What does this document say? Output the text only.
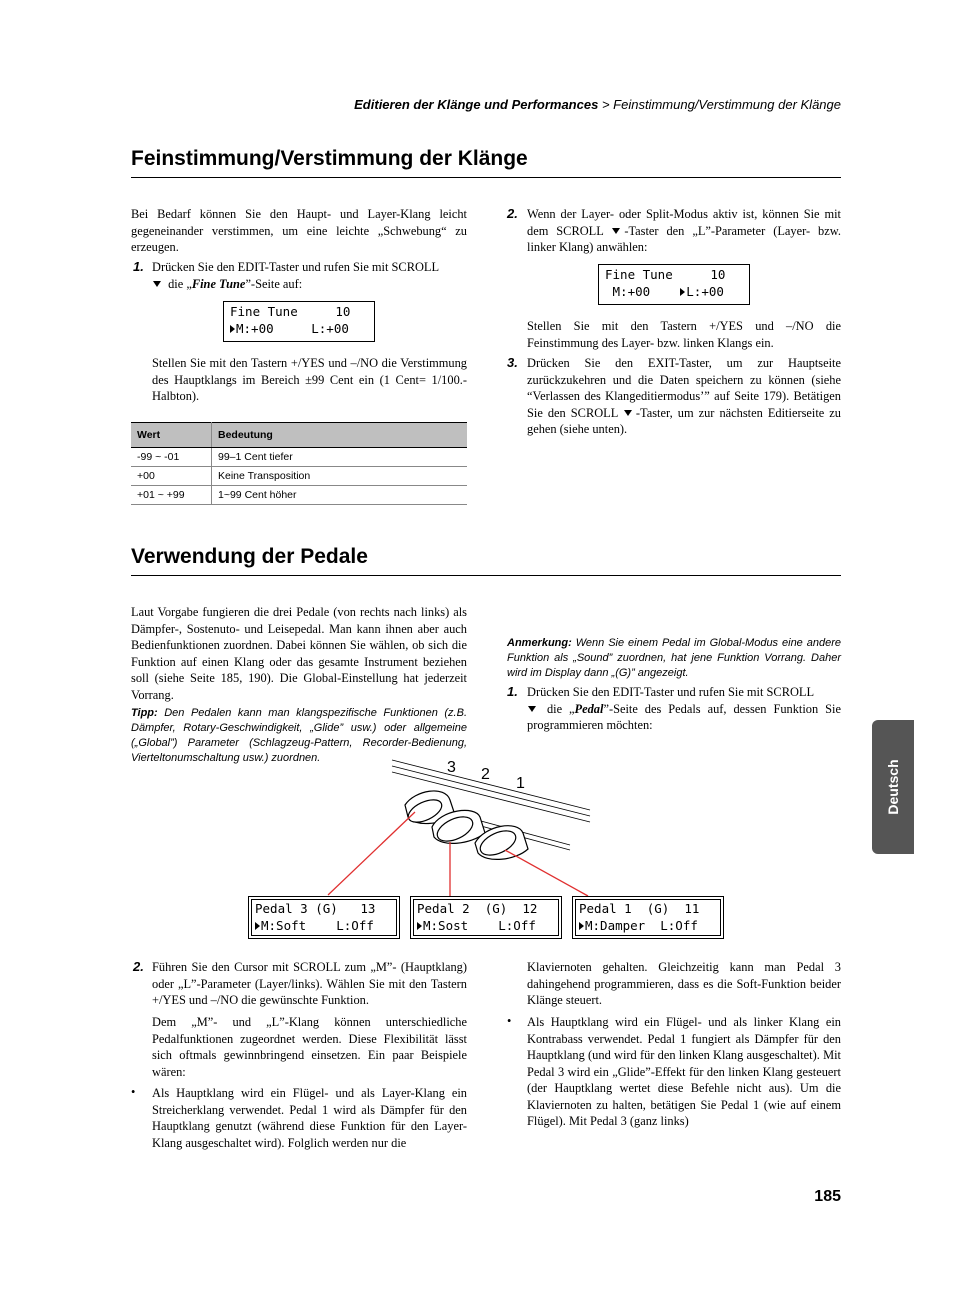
Editieren der Klänge und Performances > Feinstimmung/Verstimmung der Klänge
Feinstimmung/Verstimmung der Klänge
Bei Bedarf können Sie den Haupt- und Layer-Klang leicht gegeneinander verstimmen, um eine leichte „Schwebung“ zu erzeugen.
1. Drücken Sie den EDIT-Taster und rufen Sie mit SCROLL
die „Fine Tune”-Seite auf:
Fine Tune     10
M:+00     L:+00
Stellen Sie mit den Tastern +/YES und –/NO die Verstimmung des Hauptklangs im Bereich ±99 Cent ein (1 Cent= 1/100.-Halbton).
Wert	Bedeutung
-99 ~ -01	99–1 Cent tiefer
+00	Keine Transposition
+01 ~ +99	1~99 Cent höher
2. Wenn der Layer- oder Split-Modus aktiv ist, können Sie mit dem SCROLL -Taster den „L”-Parameter (Layer- bzw. linker Klang) anwählen:
Fine Tune     10
M:+00    L:+00
Stellen Sie mit den Tastern +/YES und –/NO die Feinstimmung des Layer- bzw. linken Klangs ein.
3. Drücken Sie den EXIT-Taster, um zur Hauptseite zurückzukehren und die Daten speichern zu können (siehe “Verlassen des Klangeditiermodus’” auf Seite 179). Betätigen Sie den SCROLL -Taster, um zur nächsten Editierseite zu gehen (siehe unten).
Verwendung der Pedale
Laut Vorgabe fungieren die drei Pedale (von rechts nach links) als Dämpfer-, Sostenuto- und Leisepedal. Man kann ihnen aber auch Bedienfunktionen zuordnen. Dabei können Sie wählen, ob sich die Funktion auf einen Klang oder das gesamte Instrument beziehen soll (siehe Seite 185, 190). Die Global-Einstellung hat jederzeit Vorrang.
Tipp: Den Pedalen kann man klangspezifische Funktionen (z.B. Dämpfer, Rotary-Geschwindigkeit, „Glide” usw.) oder allgemeine („Global”) Parameter (Schlagzeug-Pattern, Recorder-Bedienung, Vierteltonumschaltung usw.) zuordnen.
Anmerkung: Wenn Sie einem Pedal im Global-Modus eine andere Funktion als „Sound” zuordnen, hat jene Funktion Vorrang. Daher wird im Display dann „(G)” angezeigt.
1. Drücken Sie den EDIT-Taster und rufen Sie mit SCROLL
die „Pedal”-Seite des Pedals auf, dessen Funktion Sie programmieren möchten:
3 2
1
Pedal 3 (G)   13
M:Soft    L:Off
Pedal 2  (G)  12
M:Sost    L:Off
Pedal 1  (G)  11
M:Damper  L:Off
2. Führen Sie den Cursor mit SCROLL zum „M”- (Hauptklang) oder „L”-Parameter (Layer/links). Wählen Sie mit den Tastern +/YES und –/NO die gewünschte Funktion.
Dem „M”- und „L”-Klang können unterschiedliche Pedalfunktionen zugeordnet werden. Diese Flexibilität lässt sich oftmals gewinnbringend einsetzen. Ein paar Beispiele wären:
• Als Hauptklang wird ein Flügel- und als Layer-Klang ein Streicherklang verwendet. Pedal 1 wird als Dämpfer für den Hauptklang genutzt (während diese Funktion für den Layer-Klang ausgeschaltet wird). Folglich werden nur die
Klaviernoten gehalten. Gleichzeitig kann man Pedal 3 dahingehend programmieren, dass es die Soft-Funktion beider Klänge steuert.
• Als Hauptklang wird ein Flügel- und als linker Klang ein Kontrabass verwendet. Pedal 1 fungiert als Dämpfer für den Hauptklang (und wird für den linken Klang ausgeschaltet). Mit Pedal 3 wird ein „Glide”-Effekt für den linken Klang gesteuert (der Hauptklang wertet diese Befehle nicht aus). Um die Klaviernoten zu halten, betätigen Sie Pedal 1 (wie auf einem Flügel). Mit Pedal 3 (ganz links)
Deutsch
185
